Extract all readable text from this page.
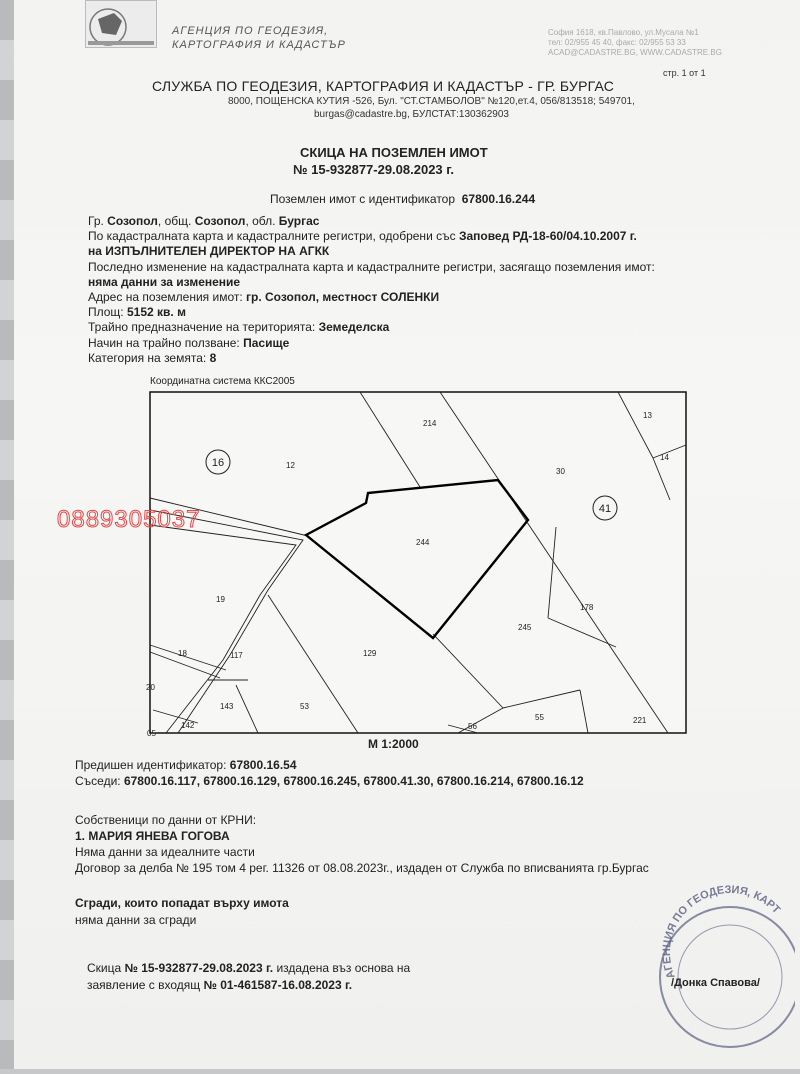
АГЕНЦИЯ ПО ГЕОДЕЗИЯ,
КАРТОГРАФИЯ И КАДАСТЪР
София 1618, кв.Павлово, ул.Мусала №1
тел: 02/955 45 40, факс: 02/955 53 33
ACAD@CADASTRE.BG, WWW.CADASTRE.BG
стр. 1 от 1
СЛУЖБА ПО ГЕОДЕЗИЯ, КАРТОГРАФИЯ И КАДАСТЪР - ГР. БУРГАС
8000, ПОЩЕНСКА КУТИЯ -526, Бул. "СТ.СТАМБОЛОВ" №120,ет.4, 056/813518; 549701,
burgas@cadastre.bg, БУЛСТАТ:130362903
СКИЦА НА ПОЗЕМЛЕН ИМОТ
№ 15-932877-29.08.2023 г.
Поземлен имот с идентификатор 67800.16.244
Гр. Созопол, общ. Созопол, обл. Бургас
По кадастралната карта и кадастралните регистри, одобрени със Заповед РД-18-60/04.10.2007 г.
на ИЗПЪЛНИТЕЛЕН ДИРЕКТОР НА АГКК
Последно изменение на кадастралната карта и кадастралните регистри, засягащо поземления имот:
няма данни за изменение
Адрес на поземления имот: гр. Созопол, местност СОЛЕНКИ
Площ: 5152 кв. м
Трайно предназначение на територията: Земеделска
Начин на трайно ползване: Пасище
Категория на земята: 8
Координатна система ККС2005
16
41
214
13
14
12
30
244
19
178
245
18	117	129
20
143	53
05
142	56
55	221
М 1:2000
0889305037
Предишен идентификатор: 67800.16.54
Съседи: 67800.16.117, 67800.16.129, 67800.16.245, 67800.41.30, 67800.16.214, 67800.16.12
Собственици по данни от КРНИ:
1. МАРИЯ ЯНЕВА ГОГОВА
Няма данни за идеалните части
Договор за делба № 195 том 4 рег. 11326 от 08.08.2023г., издаден от Служба по вписванията гр.Бургас
Сгради, които попадат върху имота
няма данни за сгради
Скица № 15-932877-29.08.2023 г. издадена въз основа на
заявление с входящ № 01-461587-16.08.2023 г.
АГЕНЦИЯ ПО ГЕОДЕЗИЯ, КАРТ
/Донка Спавова/
